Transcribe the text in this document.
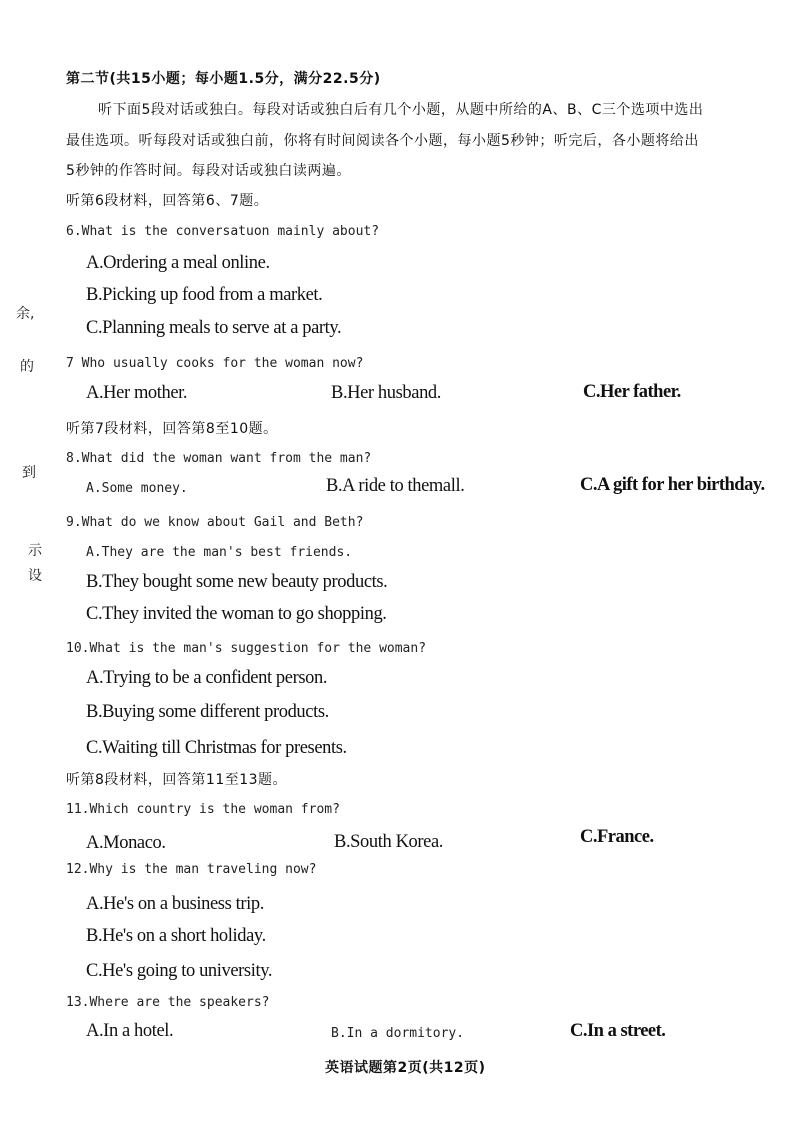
第二节(共15小题；每小题1.5分，满分22.5分)
听下面5段对话或独白。每段对话或独白后有几个小题，从题中所给的A、B、C三个选项中选出
最佳选项。听每段对话或独白前，你将有时间阅读各个小题，每小题5秒钟；听完后，各小题将给出
5秒钟的作答时间。每段对话或独白读两遍。
余,
的
到
示
设
听第6段材料，回答第6、7题。
6.What is the conversatuon mainly about?
A.Ordering a meal online.
B.Picking up food from a market.
C.Planning meals to serve at a party.
7 Who usually cooks for the woman now?
A.Her mother.	B.Her husband.	C.Her father.
听第7段材料，回答第8至10题。
8.What did the woman want from the man?
A.Some money.	B.A ride to themall.	C.A gift for her birthday.
9.What do we know about Gail and Beth?
A.They are the man's best friends.
B.They bought some new beauty products.
C.They invited the woman to go shopping.
10.What is the man's suggestion for the woman?
A.Trying to be a confident person.
B.Buying some different products.
C.Waiting till Christmas for presents.
听第8段材料，回答第11至13题。
11.Which country is the woman from?
A.Monaco.	B.South Korea.	C.France.
12.Why is the man traveling now?
A.He's on a business trip.
B.He's on a short holiday.
C.He's going to university.
13.Where are the speakers?
A.In a hotel.	B.In a dormitory.	C.In a street.
英语试题第2页(共12页)
